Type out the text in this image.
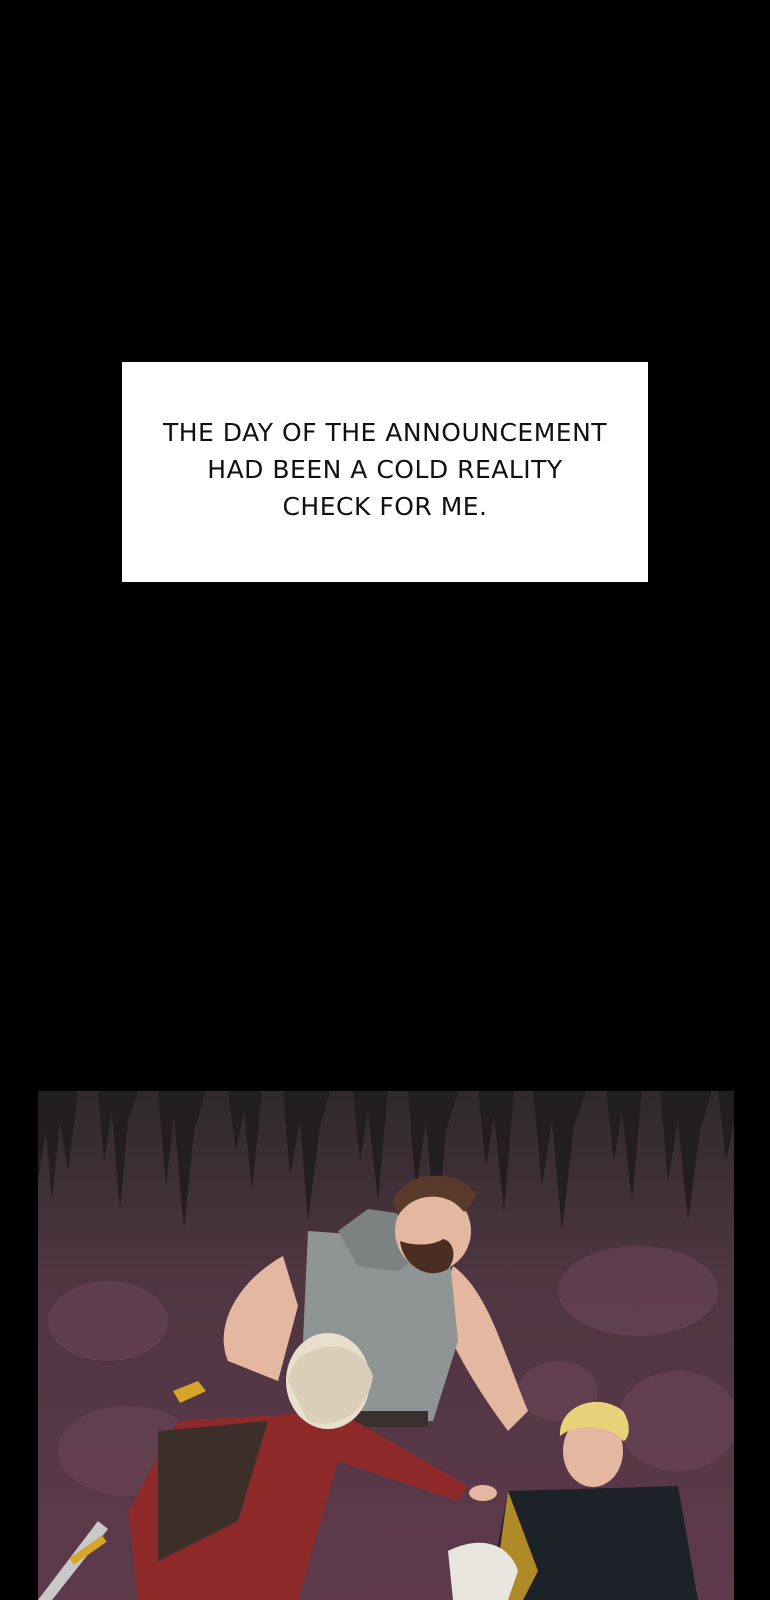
THE DAY OF THE ANNOUNCEMENT
HAD BEEN A COLD REALITY
CHECK FOR ME.
